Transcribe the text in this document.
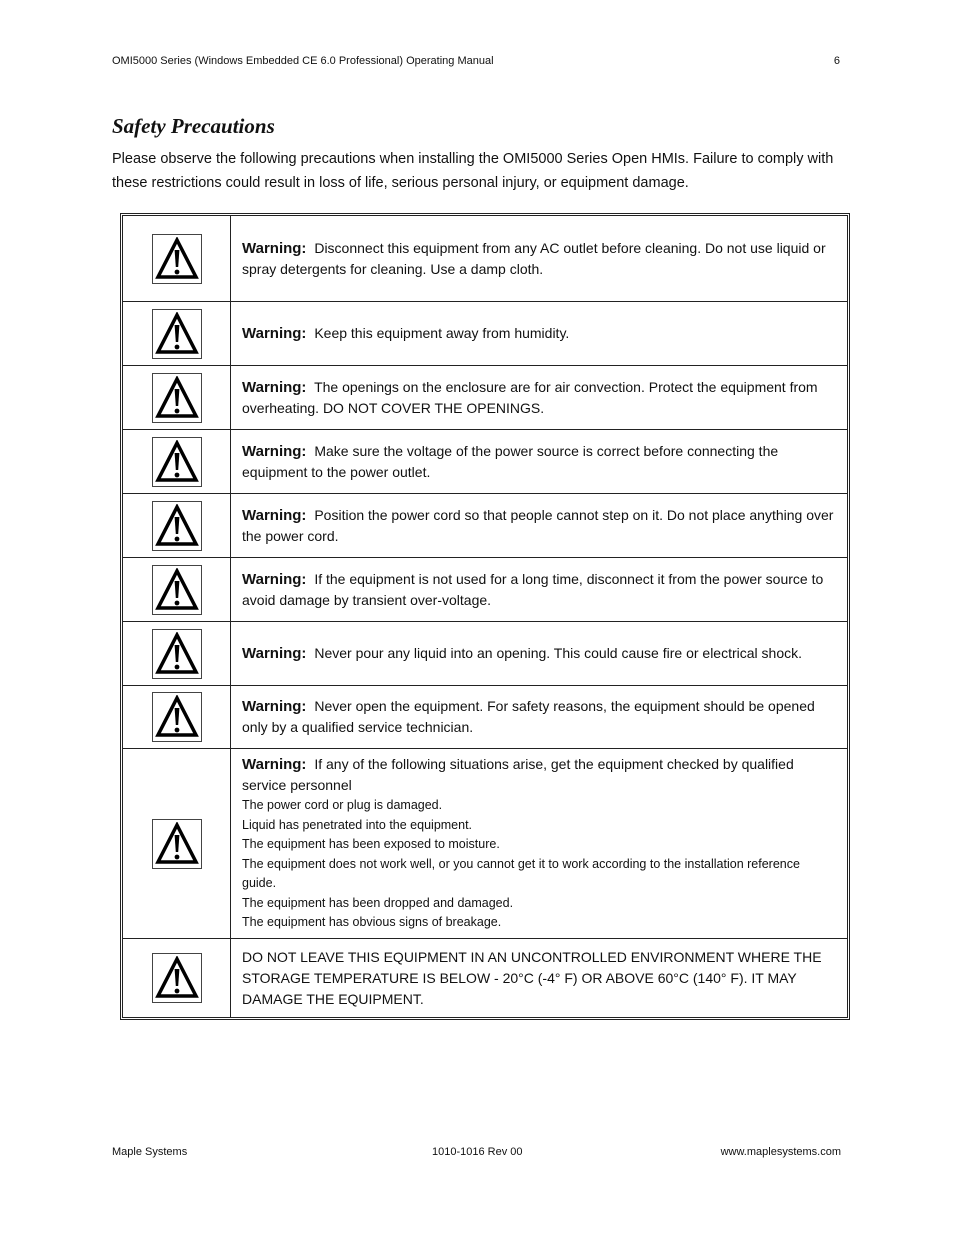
OMI5000 Series (Windows Embedded CE 6.0 Professional) Operating Manual	6
Safety Precautions

Please observe the following precautions when installing the OMI5000 Series Open HMIs. Failure to comply with these restrictions could result in loss of life, serious personal injury, or equipment damage.

Warning: Disconnect this equipment from any AC outlet before cleaning. Do not use liquid or spray detergents for cleaning. Use a damp cloth.
Warning: Keep this equipment away from humidity.
Warning: The openings on the enclosure are for air convection. Protect the equipment from overheating. DO NOT COVER THE OPENINGS.
Warning: Make sure the voltage of the power source is correct before connecting the equipment to the power outlet.
Warning: Position the power cord so that people cannot step on it. Do not place anything over the power cord.
Warning: If the equipment is not used for a long time, disconnect it from the power source to avoid damage by transient over-voltage.
Warning: Never pour any liquid into an opening. This could cause fire or electrical shock.
Warning: Never open the equipment. For safety reasons, the equipment should be opened only by a qualified service technician.
Warning: If any of the following situations arise, get the equipment checked by qualified service personnel
The power cord or plug is damaged.
Liquid has penetrated into the equipment.
The equipment has been exposed to moisture.
The equipment does not work well, or you cannot get it to work according to the installation reference guide.
The equipment has been dropped and damaged.
The equipment has obvious signs of breakage.
DO NOT LEAVE THIS EQUIPMENT IN AN UNCONTROLLED ENVIRONMENT WHERE THE STORAGE TEMPERATURE IS BELOW - 20°C (-4° F) OR ABOVE 60°C (140° F). IT MAY DAMAGE THE EQUIPMENT.
Maple Systems	1010-1016 Rev 00	www.maplesystems.com
